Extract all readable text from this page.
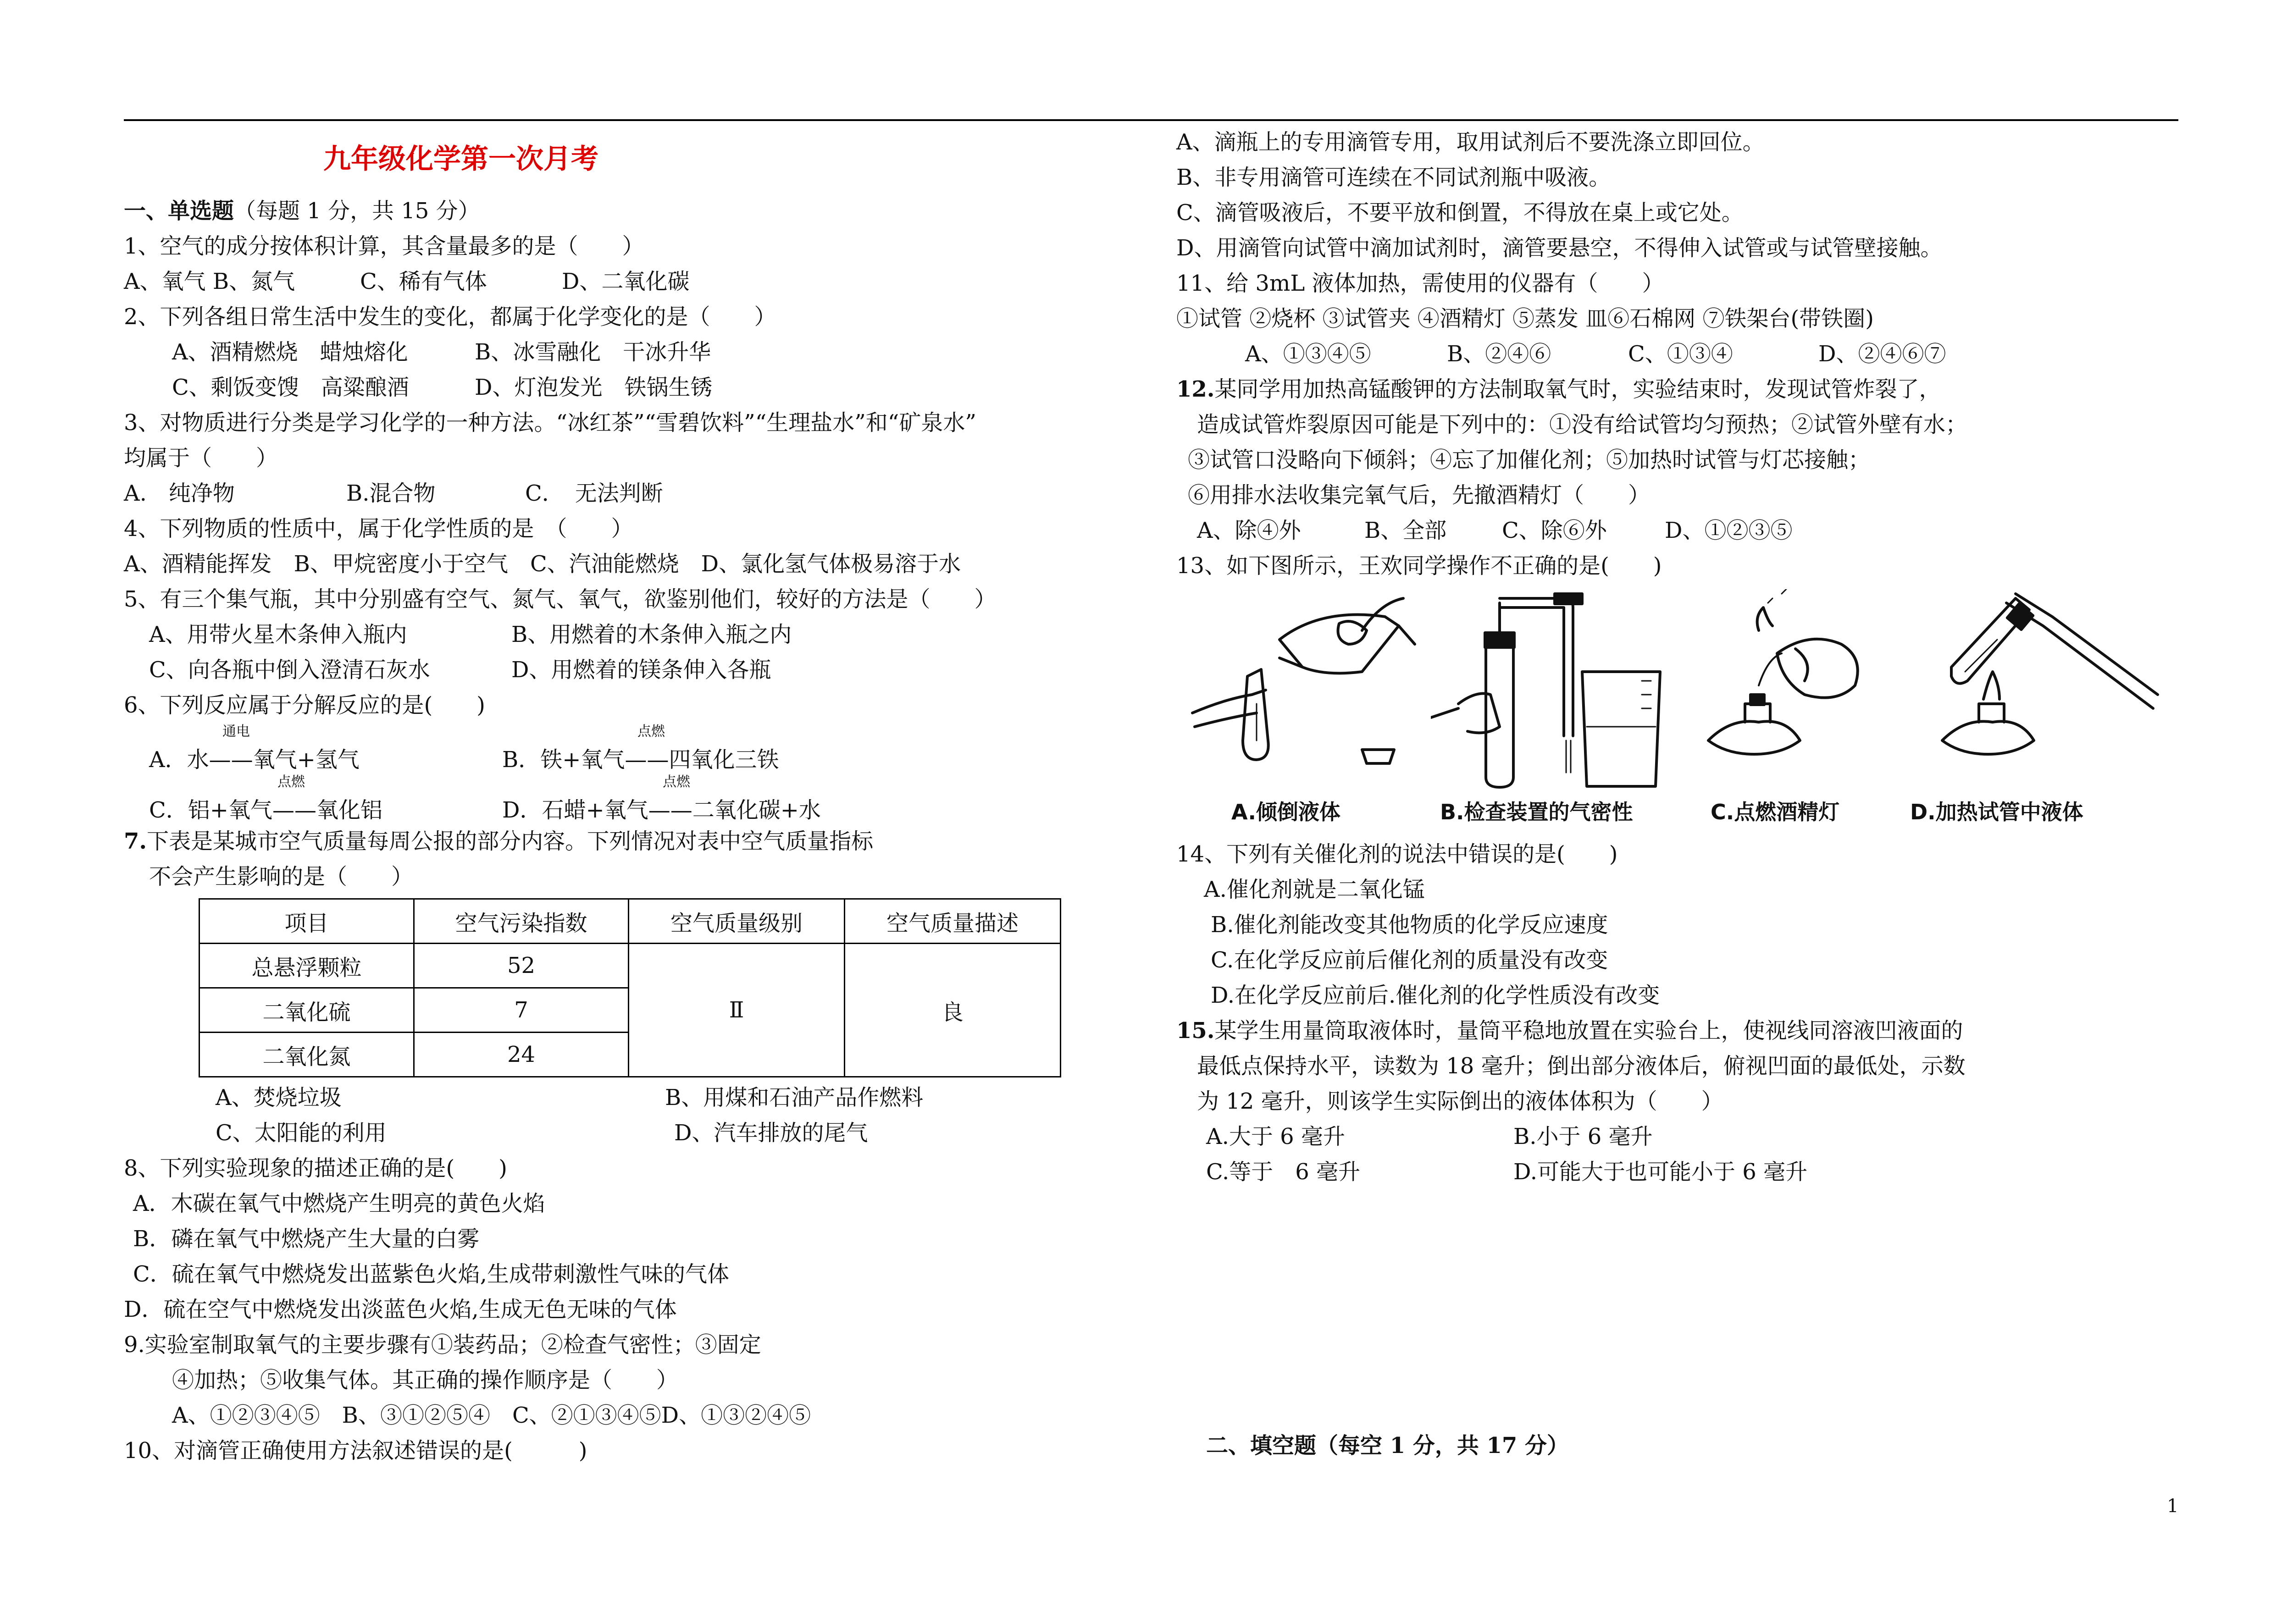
九年级化学第一次月考
一、单选题（每题 1 分，共 15 分）
1、空气的成分按体积计算，其含量最多的是（　　）

A、氧气 B、氮气

	C、稀有气体

	D、二氧化碳

2、下列各组日常生活中发生的变化，都属于化学变化的是（　　）

A、酒精燃烧　蜡烛熔化

	B、冰雪融化　干冰升华

C、剩饭变馊　高粱酿酒

	D、灯泡发光　铁锅生锈

3、对物质进行分类是学习化学的一种方法。“冰红茶”“雪碧饮料”“生理盐水”和“矿泉水”
均属于（　　）

A.　纯净物

	B.混合物

	C．　无法判断

4、下列物质的性质中，属于化学性质的是　（　　）
A、酒精能挥发　B、甲烷密度小于空气　C、汽油能燃烧　D、氯化氢气体极易溶于水
5、有三个集气瓶，其中分别盛有空气、氮气、氧气，欲鉴别他们，较好的方法是（　　）

A、用带火星木条伸入瓶内

	B、用燃着的木条伸入瓶之内

C、向各瓶中倒入澄清石灰水

	D、用燃着的镁条伸入各瓶

6、下列反应属于分解反应的是(　　)

通电

A．水——氧气+氢气

点燃

B．铁+氧气——四氧化三铁

点燃

C．铝+氧气——氧化铝

点燃

D．石蜡+氧气——二氧化碳+水

7.下表是某城市空气质量每周公报的部分内容。下列情况对表中空气质量指标
不会产生影响的是（　　）
项目	空气污染指数	空气质量级别	空气质量描述
总悬浮颗粒	52	Ⅱ	良
二氧化硫	7		
二氧化氮	24		

A、焚烧垃圾

	B、用煤和石油产品作燃料

C、太阳能的利用

	D、汽车排放的尾气

8、下列实验现象的描述正确的是(　　)
A．木碳在氧气中燃烧产生明亮的黄色火焰
B．磷在氧气中燃烧产生大量的白雾
C．硫在氧气中燃烧发出蓝紫色火焰,生成带刺激性气味的气体
D．硫在空气中燃烧发出淡蓝色火焰,生成无色无味的气体
9.实验室制取氧气的主要步骤有①装药品；②检查气密性；③固定
④加热；⑤收集气体。其正确的操作顺序是（　　）
A、①②③④⑤　B、③①②⑤④　C、②①③④⑤D、①③②④⑤
10、对滴管正确使用方法叙述错误的是(　　　)
A、滴瓶上的专用滴管专用，取用试剂后不要洗涤立即回位。
B、非专用滴管可连续在不同试剂瓶中吸液。
C、滴管吸液后，不要平放和倒置，不得放在桌上或它处。
D、用滴管向试管中滴加试剂时，滴管要悬空，不得伸入试管或与试管壁接触。
11、给 3mL 液体加热，需使用的仪器有（　　）
①试管 ②烧杯 ③试管夹 ④酒精灯 ⑤蒸发 皿⑥石棉网 ⑦铁架台(带铁圈)

A、①③④⑤

	B、②④⑥

	C、①③④

	D、②④⑥⑦

12.某同学用加热高锰酸钾的方法制取氧气时，实验结束时，发现试管炸裂了，
造成试管炸裂原因可能是下列中的：①没有给试管均匀预热；②试管外壁有水；
③试管口没略向下倾斜；④忘了加催化剂；⑤加热时试管与灯芯接触；
⑥用排水法收集完氧气后，先撤酒精灯（　　）

A、除④外

	B、全部

	C、除⑥外

	D、①②③⑤

13、如下图所示，王欢同学操作不正确的是(　　)
A.倾倒液体	B.检查装置的气密性	C.点燃酒精灯	D.加热试管中液体
14、下列有关催化剂的说法中错误的是(　　)
A.催化剂就是二氧化锰
B.催化剂能改变其他物质的化学反应速度
C.在化学反应前后催化剂的质量没有改变
D.在化学反应前后.催化剂的化学性质没有改变
15.某学生用量筒取液体时，量筒平稳地放置在实验台上，使视线同溶液凹液面的
最低点保持水平，读数为 18 毫升；倒出部分液体后，俯视凹面的最低处，示数
为 12 毫升，则该学生实际倒出的液体体积为（　　）

A.大于 6 毫升

	B.小于 6 毫升

C.等于　6 毫升

	D.可能大于也可能小于 6 毫升

二、填空题（每空 1 分，共 17 分）
1
